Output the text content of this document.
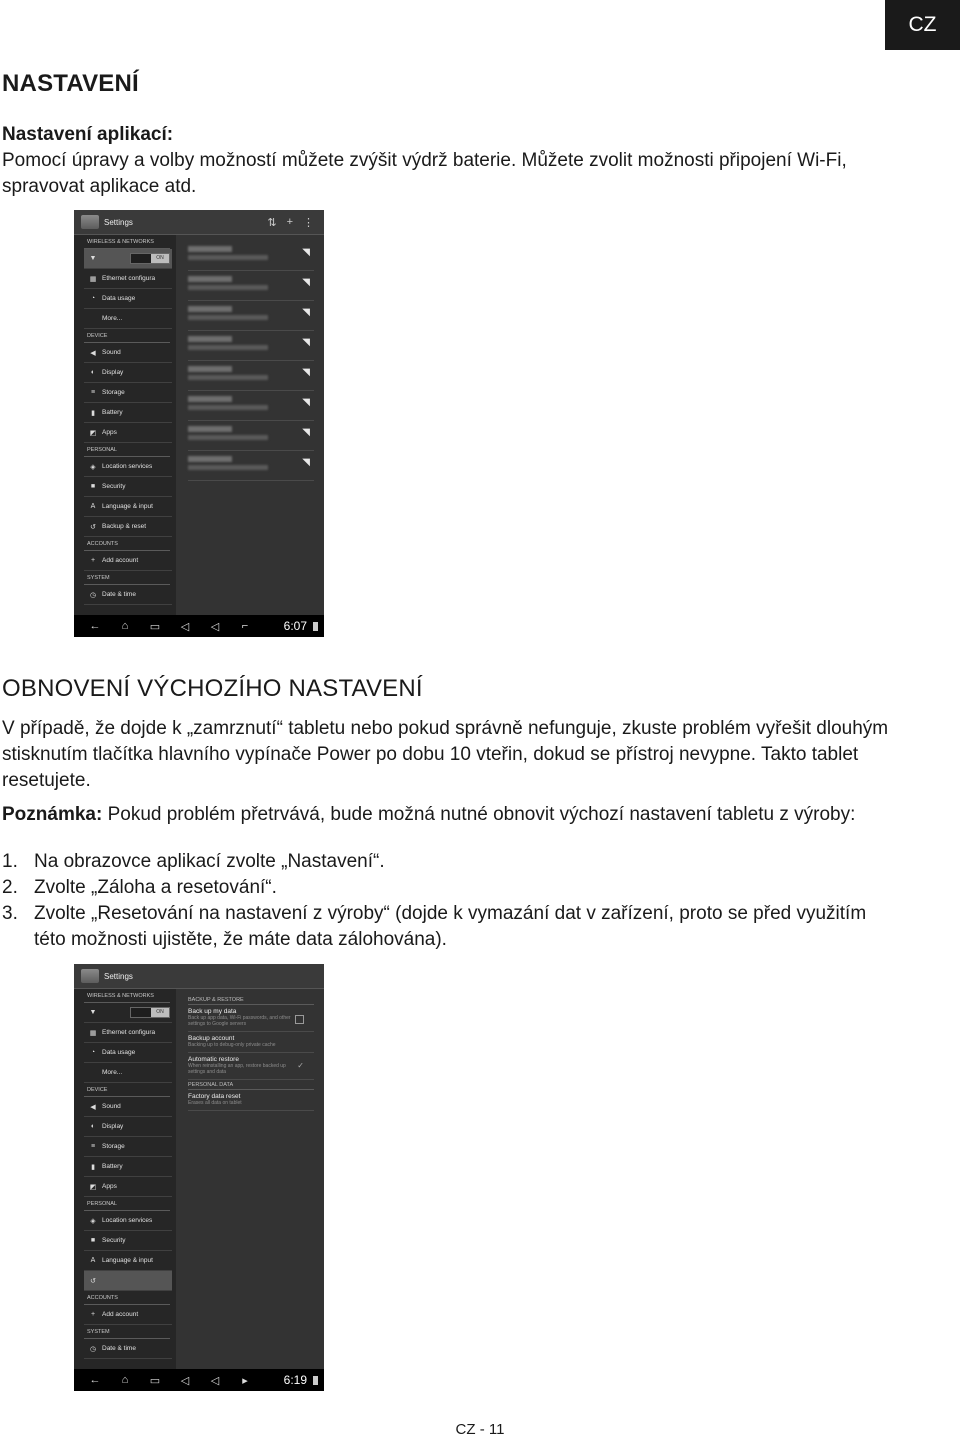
CZ
NASTAVENÍ

Nastavení aplikací:

Pomocí úpravy a volby možností můžete zvýšit výdrž baterie. Můžete zvolit možnosti připojení Wi-Fi, spravovat aplikace atd.

Settings	⇅ + ⋮
WIRELESS & NETWORKS
▼	ON
▦ Ethernet configura
◔	Data usage
More...
DEVICE
◀ Sound
◐	Display
≡	Storage
▮	Battery
◩ Apps
PERSONAL
◈ Location services
■	Security
A	Language & input
↺ Backup & reset
ACCOUNTS
+	Add account
SYSTEM
◷ Date & time
◥
◥
◥
◥
◥
◥
◥
◥
←	⌂	▭	◁	◁	⌐	6:07
OBNOVENÍ VÝCHOZÍHO NASTAVENÍ

V případě, že dojde k „zamrznutí“ tabletu nebo pokud správně nefunguje, zkuste problém vyřešit dlouhým stisknutím tlačítka hlavního vypínače Power po dobu 10 vteřin, dokud se přístroj nevypne. Takto tablet resetujete.

Poznámka: Pokud problém přetrvává, bude možná nutné obnovit výchozí nastavení tabletu z výroby:

1. Na obrazovce aplikací zvolte „Nastavení“.
2. Zvolte „Záloha a resetování“.
3. Zvolte „Resetování na nastavení z výroby“ (dojde k vymazání dat v zařízení, proto se před využitím této možnosti ujistěte, že máte data zálohována).
Settings
WIRELESS & NETWORKS
▼	ON
▦ Ethernet configura
◔	Data usage
More...
DEVICE
◀ Sound
◐	Display
≡	Storage
▮	Battery
◩ Apps
PERSONAL
◈ Location services
■	Security
A	Language & input
↺
ACCOUNTS
+	Add account
SYSTEM
◷ Date & time
BACKUP & RESTORE
Back up my data
Back up app data, Wi-Fi passwords, and other settings to Google servers
Backup account
Backing up to debug-only private cache
Automatic restore
When reinstalling an app, restore backed up settings and data
✓
PERSONAL DATA
Factory data reset
Erases all data on tablet
←	⌂	▭	◁	◁	▸	6:19
CZ - 11
